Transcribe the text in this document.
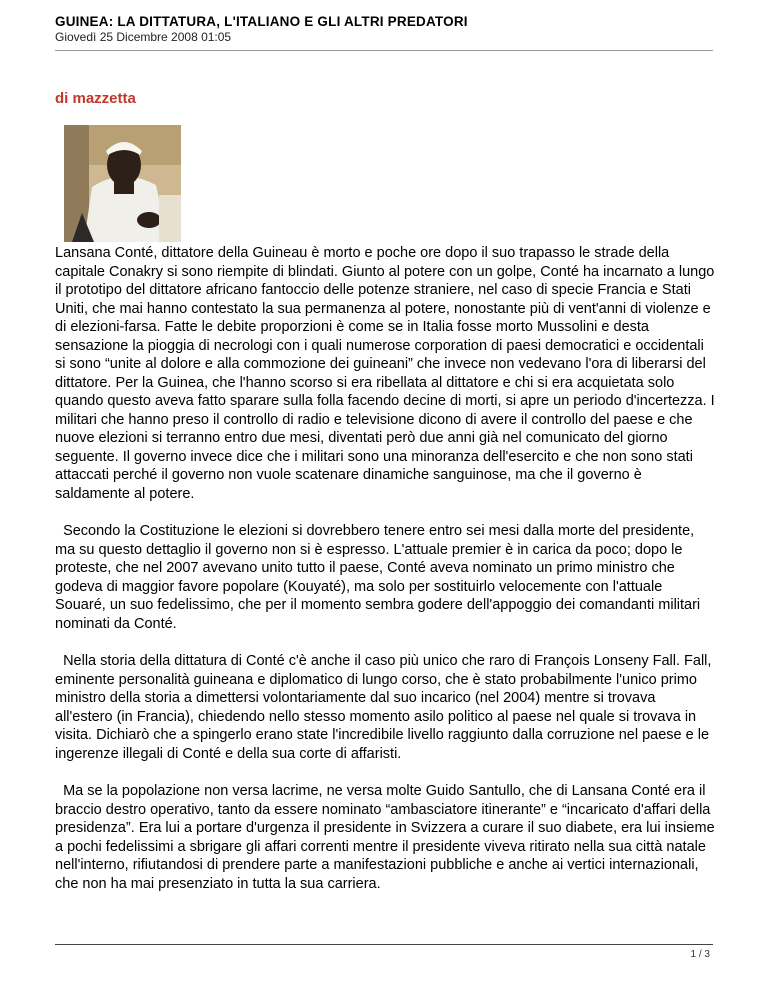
GUINEA: LA DITTATURA, L'ITALIANO E GLI ALTRI PREDATORI
Giovedì 25 Dicembre 2008 01:05
di mazzetta

Lansana Conté, dittatore della Guineau è morto e poche ore dopo il suo trapasso le strade della capitale Conakry si sono riempite di blindati. Giunto al potere con un golpe, Conté ha incarnato a lungo il prototipo del dittatore africano fantoccio delle potenze straniere, nel caso di specie Francia e Stati Uniti, che mai hanno contestato la sua permanenza al potere, nonostante più di vent'anni di violenze e di elezioni-farsa. Fatte le debite proporzioni è come se in Italia fosse morto Mussolini e desta sensazione la pioggia di necrologi con i quali numerose corporation di paesi democratici e occidentali si sono “unite al dolore e alla commozione dei guineani” che invece non vedevano l'ora di liberarsi del dittatore. Per la Guinea, che l'hanno scorso si era ribellata al dittatore e chi si era acquietata solo quando questo aveva fatto sparare sulla folla facendo decine di morti, si apre un periodo d'incertezza. I militari che hanno preso il controllo di radio e televisione dicono di avere il controllo del paese e che nuove elezioni si terranno entro due mesi, diventati però due anni già nel comunicato del giorno seguente. Il governo invece dice che i militari sono una minoranza dell'esercito e che non sono stati attaccati perché il governo non vuole scatenare dinamiche sanguinose, ma che il governo è saldamente al potere.

Secondo la Costituzione le elezioni si dovrebbero tenere entro sei mesi dalla morte del presidente, ma su questo dettaglio il governo non si è espresso. L'attuale premier è in carica da poco; dopo le proteste, che nel 2007 avevano unito tutto il paese, Conté aveva nominato un primo ministro che godeva di maggior favore popolare (Kouyaté), ma solo per sostituirlo velocemente con l'attuale Souaré, un suo fedelissimo, che per il momento sembra godere dell'appoggio dei comandanti militari nominati da Conté.

Nella storia della dittatura di Conté c'è anche il caso più unico che raro di François Lonseny Fall. Fall, eminente personalità guineana e diplomatico di lungo corso, che è stato probabilmente l'unico primo ministro della storia a dimettersi volontariamente dal suo incarico (nel 2004) mentre si trovava all'estero (in Francia), chiedendo nello stesso momento asilo politico al paese nel quale si trovava in visita. Dichiarò che a spingerlo erano state l'incredibile livello raggiunto dalla corruzione nel paese e le ingerenze illegali di Conté e della sua corte di affaristi.

Ma se la popolazione non versa lacrime, ne versa molte Guido Santullo, che di Lansana Conté era il braccio destro operativo, tanto da essere nominato “ambasciatore itinerante” e “incaricato d'affari della presidenza”. Era lui a portare d'urgenza il presidente in Svizzera a curare il suo diabete, era lui insieme a pochi fedelissimi a sbrigare gli affari correnti mentre il presidente viveva ritirato nella sua città natale nell'interno, rifiutandosi di prendere parte a manifestazioni pubbliche e anche ai vertici internazionali, che non ha mai presenziato in tutta la sua carriera.

1 / 3
